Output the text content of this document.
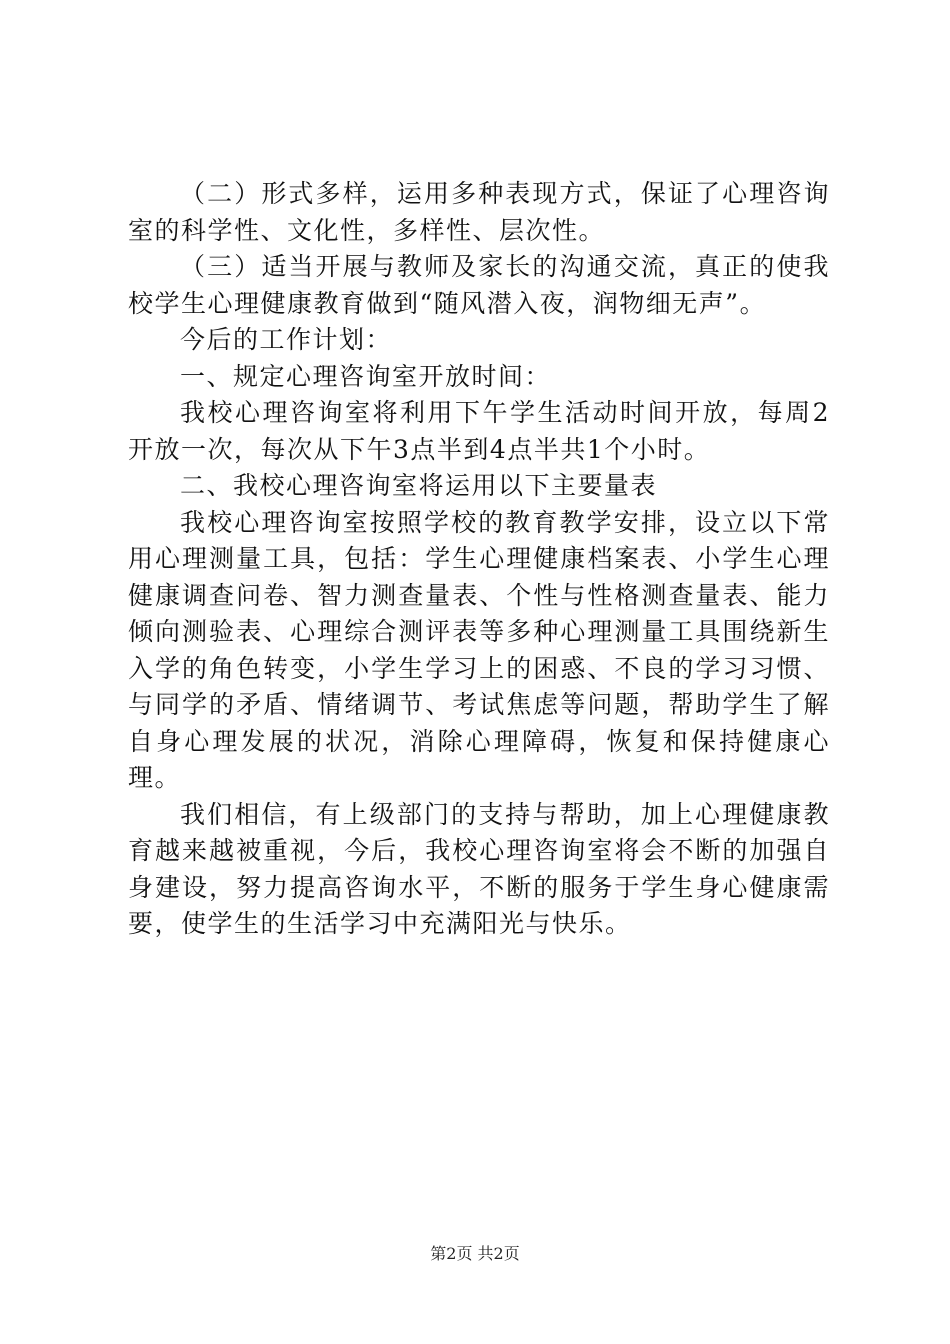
（二）形式多样，运用多种表现方式，保证了心理咨询室的科学性、文化性，多样性、层次性。

（三）适当开展与教师及家长的沟通交流，真正的使我校学生心理健康教育做到“随风潜入夜，润物细无声”。

今后的工作计划：

一、规定心理咨询室开放时间：

我校心理咨询室将利用下午学生活动时间开放，每周2开放一次，每次从下午3点半到4点半共1个小时。

二、我校心理咨询室将运用以下主要量表

我校心理咨询室按照学校的教育教学安排，设立以下常用心理测量工具，包括：学生心理健康档案表、小学生心理健康调查问卷、智力测查量表、个性与性格测查量表、能力倾向测验表、心理综合测评表等多种心理测量工具围绕新生入学的角色转变，小学生学习上的困惑、不良的学习习惯、与同学的矛盾、情绪调节、考试焦虑等问题，帮助学生了解自身心理发展的状况，消除心理障碍，恢复和保持健康心理。

我们相信，有上级部门的支持与帮助，加上心理健康教育越来越被重视，今后，我校心理咨询室将会不断的加强自身建设，努力提高咨询水平，不断的服务于学生身心健康需要，使学生的生活学习中充满阳光与快乐。

第2页 共2页
